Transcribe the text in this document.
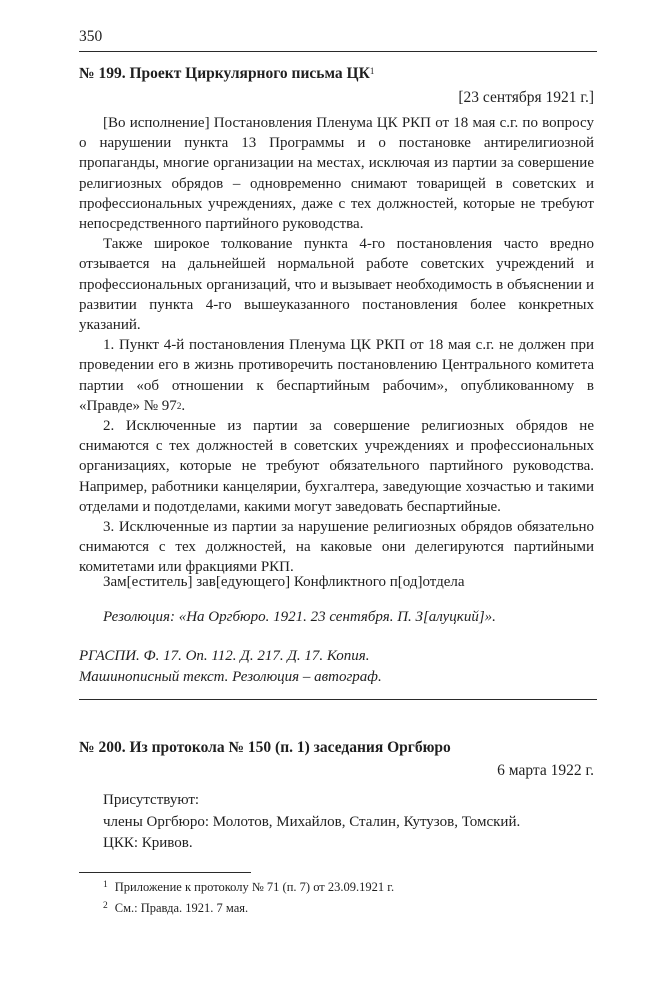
350
№ 199. Проект Циркулярного письма $ЦК^1$
[23 сентября 1921 г.]

[Во исполнение] Постановления Пленума ЦК РКП от 18 мая с.г. по вопросу о нарушении пункта 13 Программы и о постановке антирелигиозной пропаганды, многие организации на местах, исключая из партии за совершение религиозных обрядов – одновременно снимают товарищей в советских и профессиональных учреждениях, даже с тех должностей, которые не требуют непосредственного партийного руководства.

Также широкое толкование пункта 4-го постановления часто вредно отзывается на дальнейшей нормальной работе советских учреждений и профессиональных организаций, что и вызывает необходимость в объяснении и развитии пункта 4-го вышеуказанного постановления более конкретных указаний.

1. Пункт 4-й постановления Пленума ЦК РКП от 18 мая с.г. не должен при проведении его в жизнь противоречить постановлению Центрального комитета партии «об отношении к беспартийным рабочим», опубликованному в «Правде» № $97^2$.

2. Исключенные из партии за совершение религиозных обрядов не снимаются с тех должностей в советских учреждениях и профессиональных организациях, которые не требуют обязательного партийного руководства. Например, работники канцелярии, бухгалтера, заведующие хозчастью и такими отделами и подотделами, какими могут заведовать беспартийные.

3. Исключенные из партии за нарушение религиозных обрядов обязательно снимаются с тех должностей, на каковые они делегируются партийными комитетами или фракциями РКП.

Зам[еститель] зав[едующего] Конфликтного п[од]отдела
Резолюция: «На Оргбюро. 1921. 23 сентября. П. З[алуцкий]».
РГАСПИ. Ф. 17. Оп. 112. Д. 217. Д. 17. Копия.
Машинописный текст. Резолюция – автограф.
№ 200. Из протокола № 150 (п. 1) заседания Оргбюро
6 марта 1922 г.
Присутствуют:
члены Оргбюро: Молотов, Михайлов, Сталин, Кутузов, Томский.
ЦКК: Кривов.
$^1$ Приложение к протоколу № 71 (п. 7) от 23.09.1921 г.
$^2$ См.: Правда. 1921. 7 мая.
